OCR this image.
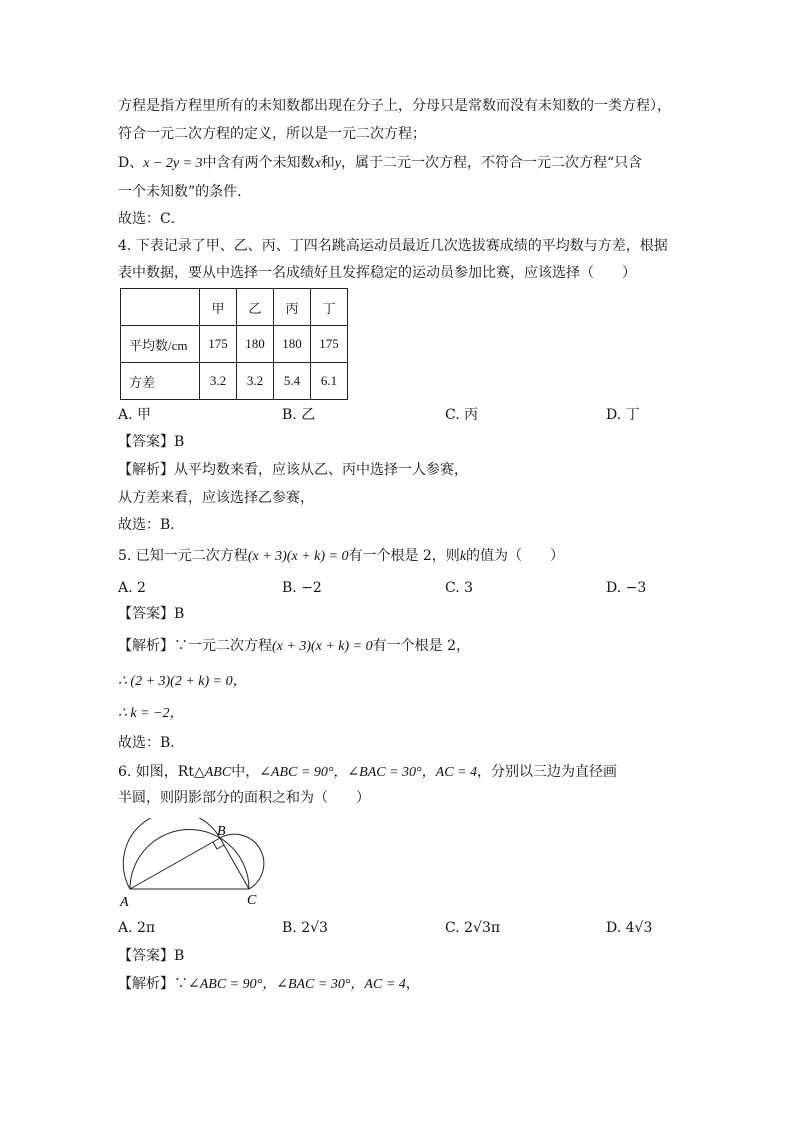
方程是指方程里所有的未知数都出现在分子上，分母只是常数而没有未知数的一类方程），
符合一元二次方程的定义，所以是一元二次方程；
D、x − 2y = 3中含有两个未知数x和y，属于二元一次方程，不符合一元二次方程“只含
一个未知数”的条件．
故选：C．
4. 下表记录了甲、乙、丙、丁四名跳高运动员最近几次选拔赛成绩的平均数与方差，根据
表中数据，要从中选择一名成绩好且发挥稳定的运动员参加比赛，应该选择（　　）
	甲	乙	丙	丁
平均数/cm	175	180	180	175
方差	3.2	3.2	5.4	6.1
A. 甲	B. 乙	C. 丙	D. 丁
【答案】B
【解析】从平均数来看，应该从乙、丙中选择一人参赛，
从方差来看，应该选择乙参赛，
故选：B．
5. 已知一元二次方程(x + 3)(x + k) = 0有一个根是 2，则k的值为（　　）
A. 2	B. −2	C. 3	D. −3
【答案】B
【解析】∵一元二次方程(x + 3)(x + k) = 0有一个根是 2，
∴ (2 + 3)(2 + k) = 0，
∴ k = −2，
故选：B．
6. 如图，Rt△ABC中，∠ABC = 90°，∠BAC = 30°，AC = 4，分别以三边为直径画
半圆，则阴影部分的面积之和为（　　）
A
B
C
A. 2π	B. 2√3	C. 2√3π	D. 4√3
【答案】B
【解析】∵∠ABC = 90°，∠BAC = 30°，AC = 4，
